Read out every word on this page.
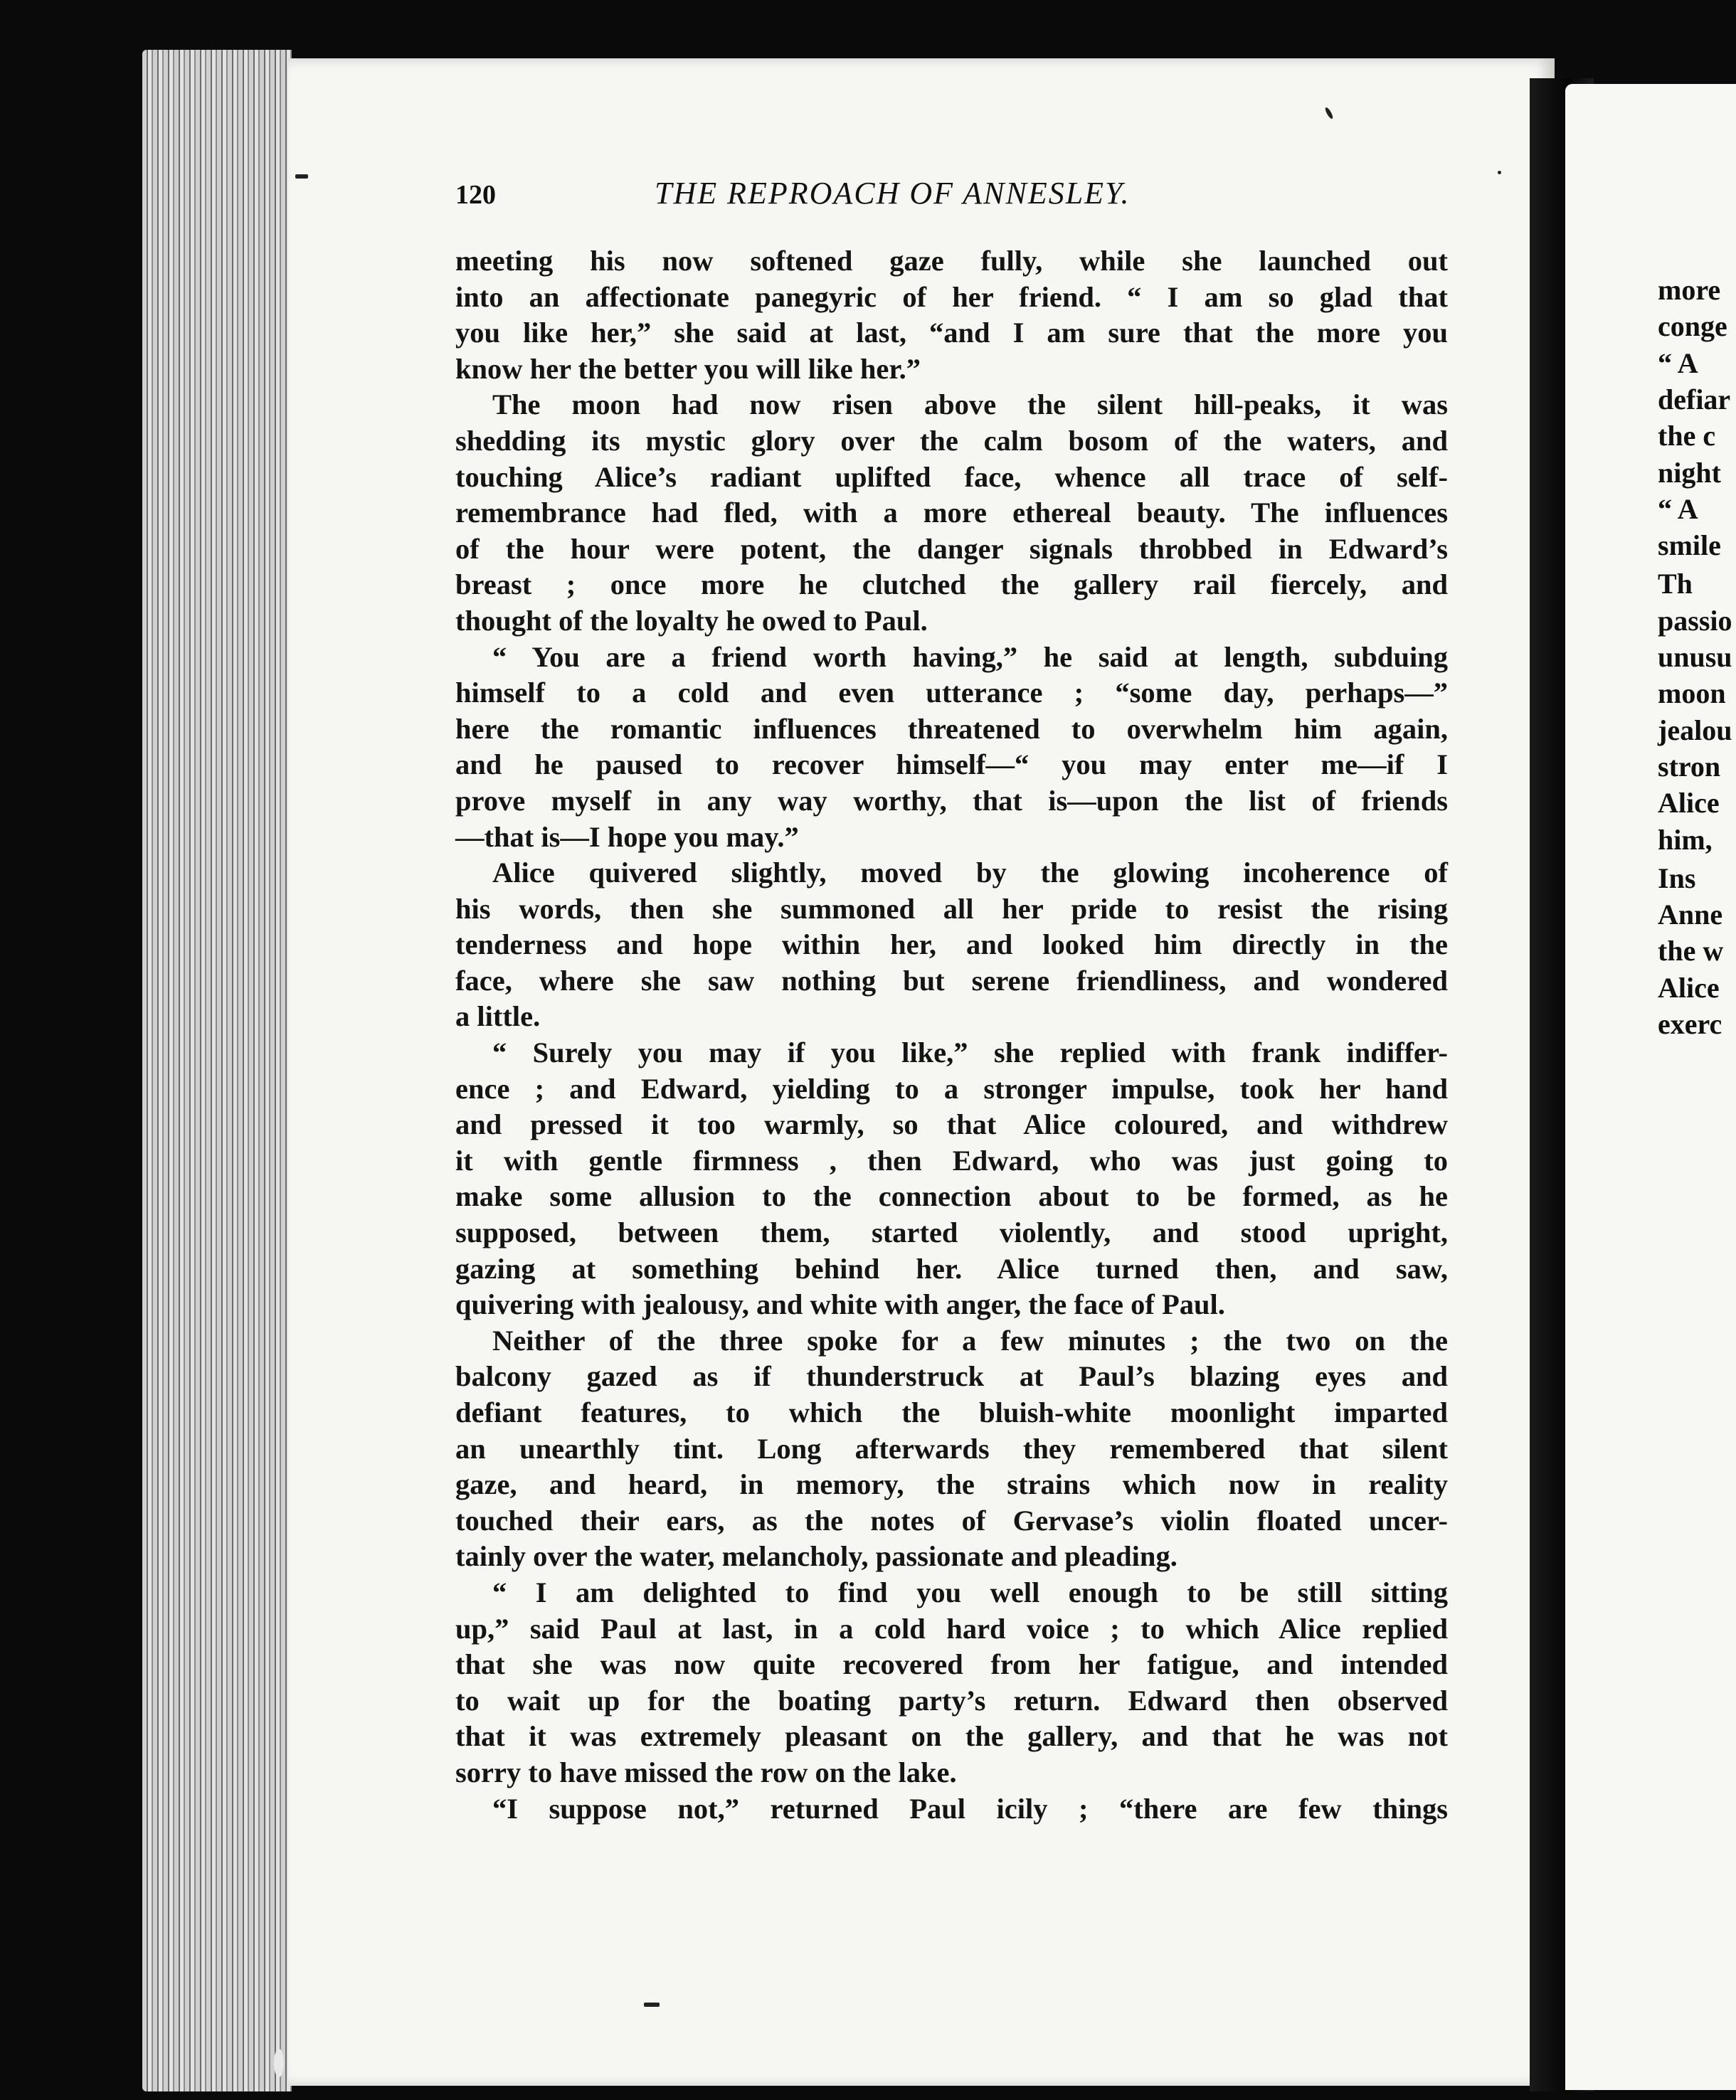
120	THE REPROACH OF ANNESLEY.
meeting his now softened gaze fully, while she launched out
into an affectionate panegyric of her friend. “ I am so glad that
you like her,” she said at last, “and I am sure that the more you
know her the better you will like her.”
The moon had now risen above the silent hill-peaks, it was
shedding its mystic glory over the calm bosom of the waters, and
touching Alice’s radiant uplifted face, whence all trace of self-
remembrance had fled, with a more ethereal beauty. The influences
of the hour were potent, the danger signals throbbed in Edward’s
breast ; once more he clutched the gallery rail fiercely, and
thought of the loyalty he owed to Paul.
“ You are a friend worth having,” he said at length, subduing
himself to a cold and even utterance ; “some day, perhaps—”
here the romantic influences threatened to overwhelm him again,
and he paused to recover himself—“ you may enter me—if I
prove myself in any way worthy, that is—upon the list of friends
—that is—I hope you may.”
Alice quivered slightly, moved by the glowing incoherence of
his words, then she summoned all her pride to resist the rising
tenderness and hope within her, and looked him directly in the
face, where she saw nothing but serene friendliness, and wondered
a little.
“ Surely you may if you like,” she replied with frank indiffer-
ence ; and Edward, yielding to a stronger impulse, took her hand
and pressed it too warmly, so that Alice coloured, and withdrew
it with gentle firmness , then Edward, who was just going to
make some allusion to the connection about to be formed, as he
supposed, between them, started violently, and stood upright,
gazing at something behind her. Alice turned then, and saw,
quivering with jealousy, and white with anger, the face of Paul.
Neither of the three spoke for a few minutes ; the two on the
balcony gazed as if thunderstruck at Paul’s blazing eyes and
defiant features, to which the bluish-white moonlight imparted
an unearthly tint. Long afterwards they remembered that silent
gaze, and heard, in memory, the strains which now in reality
touched their ears, as the notes of Gervase’s violin floated uncer-
tainly over the water, melancholy, passionate and pleading.
“ I am delighted to find you well enough to be still sitting
up,” said Paul at last, in a cold hard voice ; to which Alice replied
that she was now quite recovered from her fatigue, and intended
to wait up for the boating party’s return. Edward then observed
that it was extremely pleasant on the gallery, and that he was not
sorry to have missed the row on the lake.
“I suppose not,” returned Paul icily ; “there are few things
more
conge
“ A
defiar
the c
night
“ A
smile
Th
passio
unusu
moon
jealou
stron
Alice
him,
Ins
Anne
the w
Alice
exerc
